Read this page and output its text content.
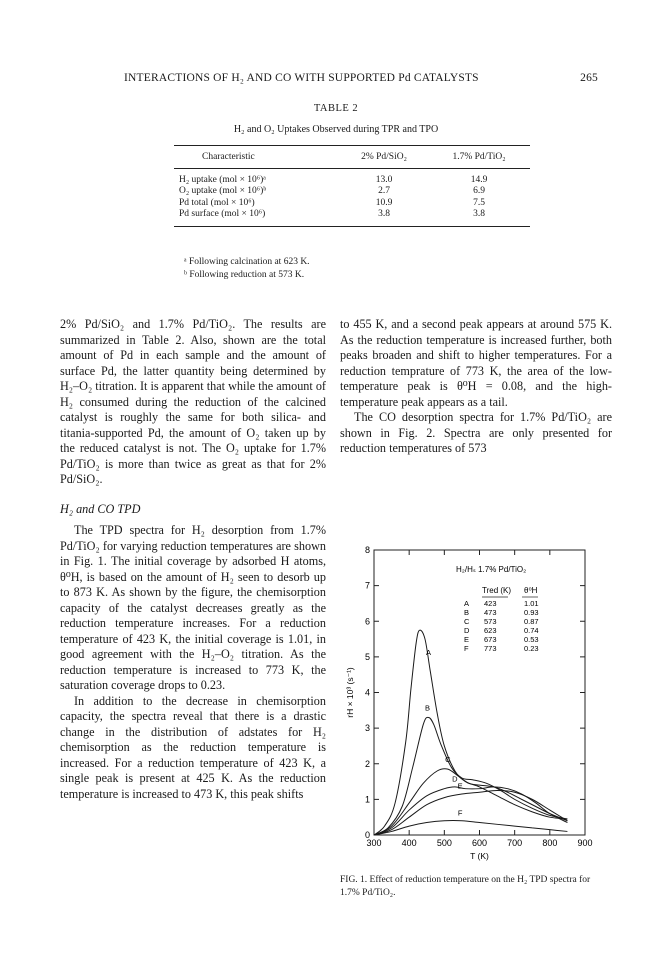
INTERACTIONS OF H₂ AND CO WITH SUPPORTED Pd CATALYSTS	265
TABLE 2
H₂ and O₂ Uptakes Observed during TPR and TPO
Characteristic	2% Pd/SiO₂	1.7% Pd/TiO₂
H₂ uptake (mol × 10⁶)ᵃ	13.0	14.9
O₂ uptake (mol × 10⁶)ᵇ	2.7	6.9
Pd total (mol × 10⁶)	10.9	7.5
Pd surface (mol × 10⁶)	3.8	3.8
ᵃ Following calcination at 623 K.
ᵇ Following reduction at 573 K.

2% Pd/SiO₂ and 1.7% Pd/TiO₂. The results are summarized in Table 2. Also, shown are the total amount of Pd in each sample and the amount of surface Pd, the latter quantity being determined by H₂–O₂ titration. It is apparent that while the amount of H₂ consumed during the reduction of the calcined catalyst is roughly the same for both silica- and titania-supported Pd, the amount of O₂ taken up by the reduced catalyst is not. The O₂ uptake for 1.7% Pd/TiO₂ is more than twice as great as that for 2% Pd/SiO₂.

H₂ and CO TPD

The TPD spectra for H₂ desorption from 1.7% Pd/TiO₂ for varying reduction temperatures are shown in Fig. 1. The initial coverage by adsorbed H atoms, θ⁰H, is based on the amount of H₂ seen to desorb up to 873 K. As shown by the figure, the chemisorption capacity of the catalyst decreases greatly as the reduction temperature increases. For a reduction temperature of 423 K, the initial coverage is 1.01, in good agreement with the H₂–O₂ titration. As the reduction temperature is increased to 773 K, the saturation coverage drops to 0.23.

In addition to the decrease in chemisorption capacity, the spectra reveal that there is a drastic change in the distribution of adstates for H₂ chemisorption as the reduction temperature is increased. For a reduction temperature of 423 K, a single peak is present at 425 K. As the reduction temperature is increased to 473 K, this peak shifts

to 455 K, and a second peak appears at around 575 K. As the reduction temperature is increased further, both peaks broaden and shift to higher temperatures. For a reduction temprature of 773 K, the area of the low-temperature peak is θ⁰H = 0.08, and the high-temperature peak appears as a tail.

The CO desorption spectra for 1.7% Pd/TiO₂ are shown in Fig. 2. Spectra are only presented for reduction temperatures of 573

300 400 500 600 700 800 900
0
1
2
3
4
5
6
7
8
T (K)
rH × 10³ (s⁻¹)
A
B
C
D
E
F
H₂/Hₛ 1.7% Pd/TiO₂
Tred (K) θ⁰H
A 423	1.01
B 473	0.93
C 573	0.87
D 623	0.74
E 673	0.53
F 773	0.23
FIG. 1. Effect of reduction temperature on the H₂ TPD spectra for 1.7% Pd/TiO₂.
